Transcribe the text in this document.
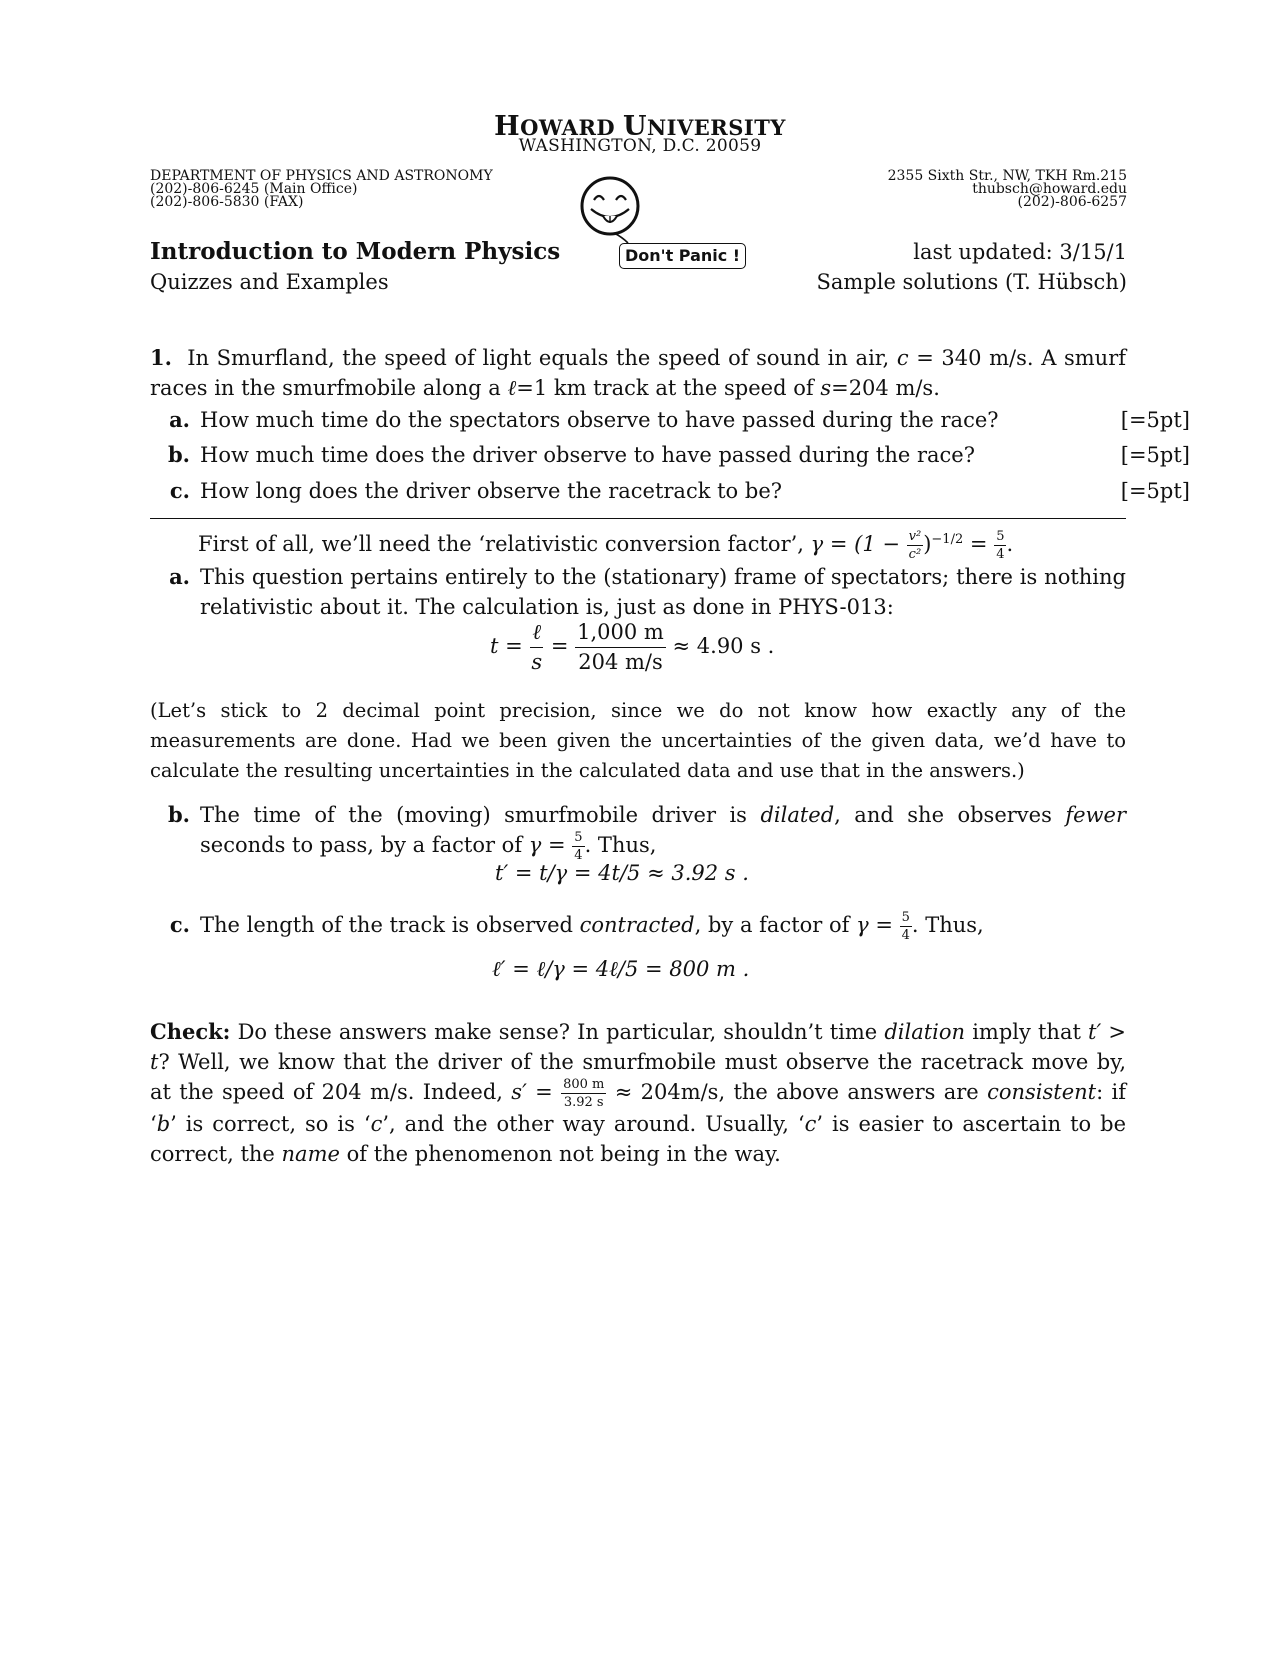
HOWARD UNIVERSITY
WASHINGTON, D.C. 20059
DEPARTMENT OF PHYSICS AND ASTRONOMY
(202)-806-6245 (Main Office)
(202)-806-5830 (FAX)
2355 Sixth Str., NW, TKH Rm.215
thubsch@howard.edu
(202)-806-6257
Don't Panic !
Introduction to Modern Physics
Quizzes and Examples
last updated: 3/15/1
Sample solutions (T. Hübsch)
1. In Smurfland, the speed of light equals the speed of sound in air, c = 340 m/s. A smurf races in the smurfmobile along a ℓ=1 km track at the speed of s=204 m/s.
a. How much time do the spectators observe to have passed during the race?	[=5pt]
b. How much time does the driver observe to have passed during the race?	[=5pt]
c. How long does the driver observe the racetrack to be?	[=5pt]
First of all, we’ll need the ‘relativistic conversion factor’, $\gamma = (1 - \frac{\text{v²}}{\text{c²}} )^{-1/2} = \frac{5}{4}$ .
a. This question pertains entirely to the (stationary) frame of spectators; there is nothing relativistic about it. The calculation is, just as done in PHYS-013:
$t = \frac{\text{ℓ}}{s} = \frac{1,000 m}{204 m/s} \approx 4.90$ s .
(Let’s stick to 2 decimal point precision, since we do not know how exactly any of the measurements are done. Had we been given the uncertainties of the given data, we’d have to calculate the resulting uncertainties in the calculated data and use that in the answers.)
b. The time of the (moving) smurfmobile driver is dilated, and she observes fewer seconds to pass, by a factor of $\gamma = \frac{5}{4}$ . Thus,
t′ = t/γ = 4t/5 ≈ 3.92 s .
c. The length of the track is observed contracted, by a factor of $\gamma = \frac{5}{4}$ . Thus,
ℓ′ = ℓ/γ = 4ℓ/5 = 800 m .
Check: Do these answers make sense? In particular, shouldn’t time dilation imply that t′ > t? Well, we know that the driver of the smurfmobile must observe the racetrack move by, at the speed of 204 m/s. Indeed, $s' = \frac{800 m}{3.92 s} \approx 204m/s$, the above answers are consistent: if ‘b’ is correct, so is ‘c’, and the other way around. Usually, ‘c’ is easier to ascertain to be correct, the name of the phenomenon not being in the way.
